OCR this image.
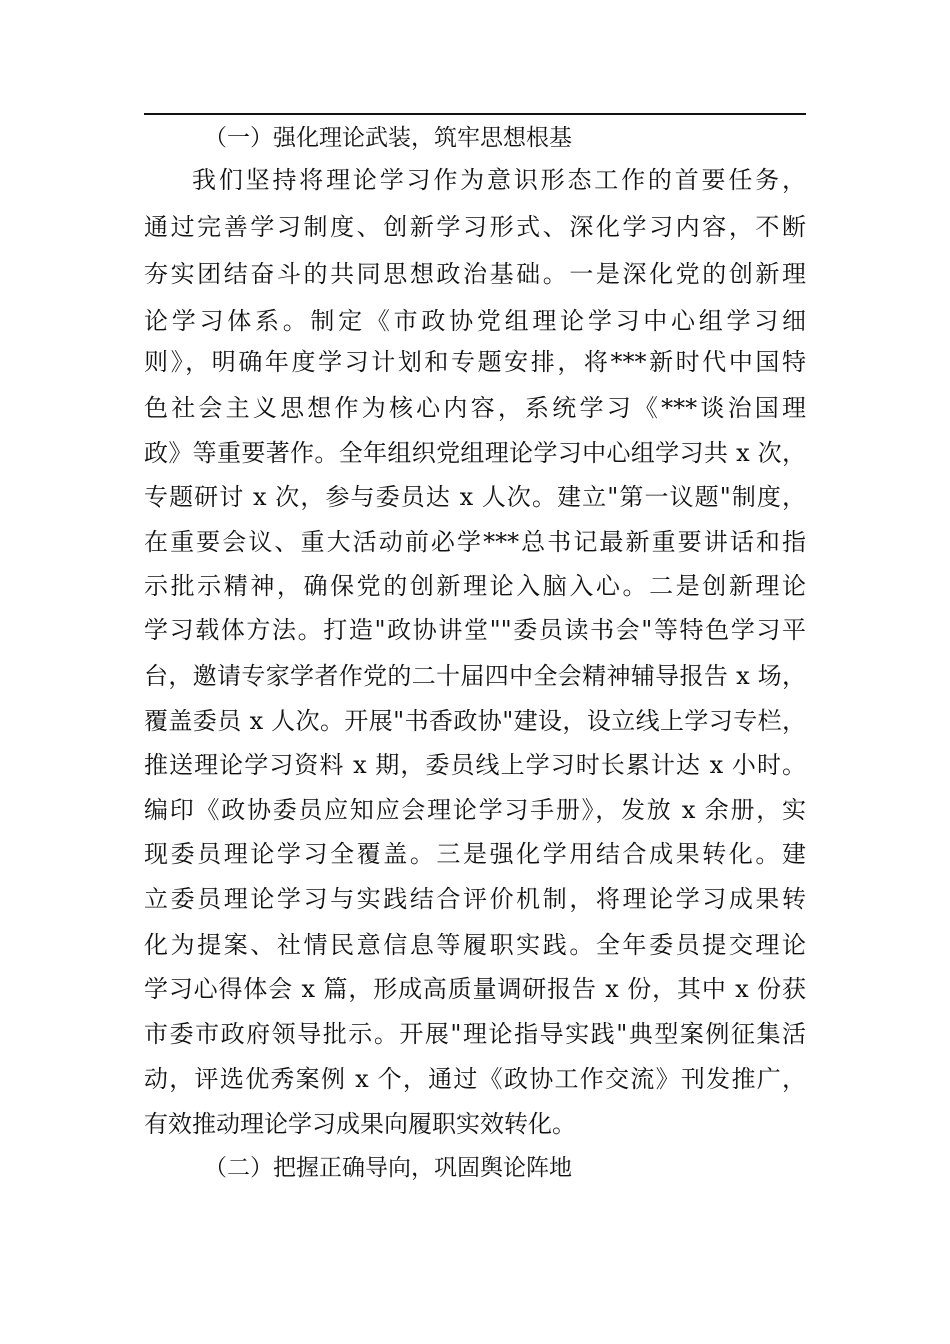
（一）强化理论武装，筑牢思想根基
我们坚持将理论学习作为意识形态工作的首要任务，
通过完善学习制度、创新学习形式、深化学习内容，不断
夯实团结奋斗的共同思想政治基础。一是深化党的创新理
论学习体系。制定《市政协党组理论学习中心组学习细
则》，明确年度学习计划和专题安排，将***新时代中国特
色社会主义思想作为核心内容，系统学习《***谈治国理
政》等重要著作。全年组织党组理论学习中心组学习共 x 次，
专题研讨 x 次，参与委员达 x 人次。建立"第一议题"制度，
在重要会议、重大活动前必学***总书记最新重要讲话和指
示批示精神，确保党的创新理论入脑入心。二是创新理论
学习载体方法。打造"政协讲堂""委员读书会"等特色学习平
台，邀请专家学者作党的二十届四中全会精神辅导报告 x 场，
覆盖委员 x 人次。开展"书香政协"建设，设立线上学习专栏，
推送理论学习资料 x 期，委员线上学习时长累计达 x 小时。
编印《政协委员应知应会理论学习手册》，发放 x 余册，实
现委员理论学习全覆盖。三是强化学用结合成果转化。建
立委员理论学习与实践结合评价机制，将理论学习成果转
化为提案、社情民意信息等履职实践。全年委员提交理论
学习心得体会 x 篇，形成高质量调研报告 x 份，其中 x 份获
市委市政府领导批示。开展"理论指导实践"典型案例征集活
动，评选优秀案例 x 个，通过《政协工作交流》刊发推广，
有效推动理论学习成果向履职实效转化。
（二）把握正确导向，巩固舆论阵地
